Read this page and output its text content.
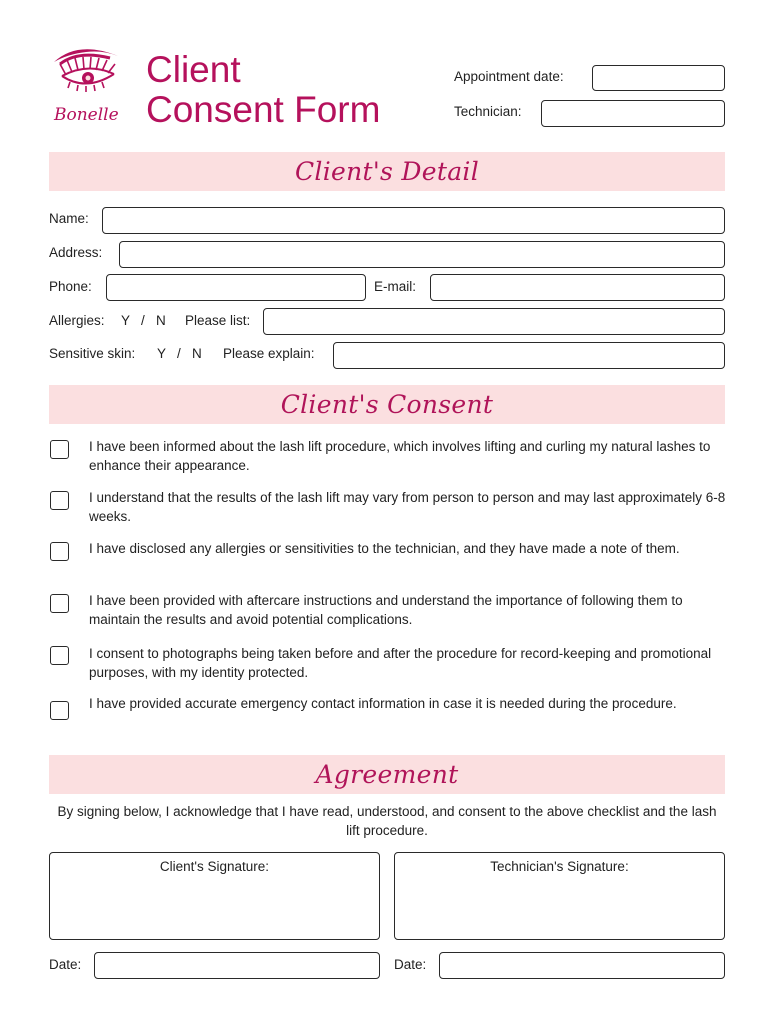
Bonelle
Client
Consent Form
Appointment date:
Technician:
Client's Detail
Name:
Address:
Phone:	E-mail:
Allergies: Y   /   N Please list:
Sensitive skin: Y   /   N Please explain:
Client's Consent
I have been informed about the lash lift procedure, which involves lifting and curling my natural lashes to enhance their appearance.
I understand that the results of the lash lift may vary from person to person and may last approximately 6-8 weeks.
I have disclosed any allergies or sensitivities to the technician, and they have made a note of them.
I have been provided with aftercare instructions and understand the importance of following them to maintain the results and avoid potential complications.
I consent to photographs being taken before and after the procedure for record-keeping and promotional purposes, with my identity protected.
I have provided accurate emergency contact information in case it is needed during the procedure.
Agreement
By signing below, I acknowledge that I have read, understood, and consent to the above checklist and the lash lift procedure.
Client's Signature:	Technician's Signature:
Date:	Date:
